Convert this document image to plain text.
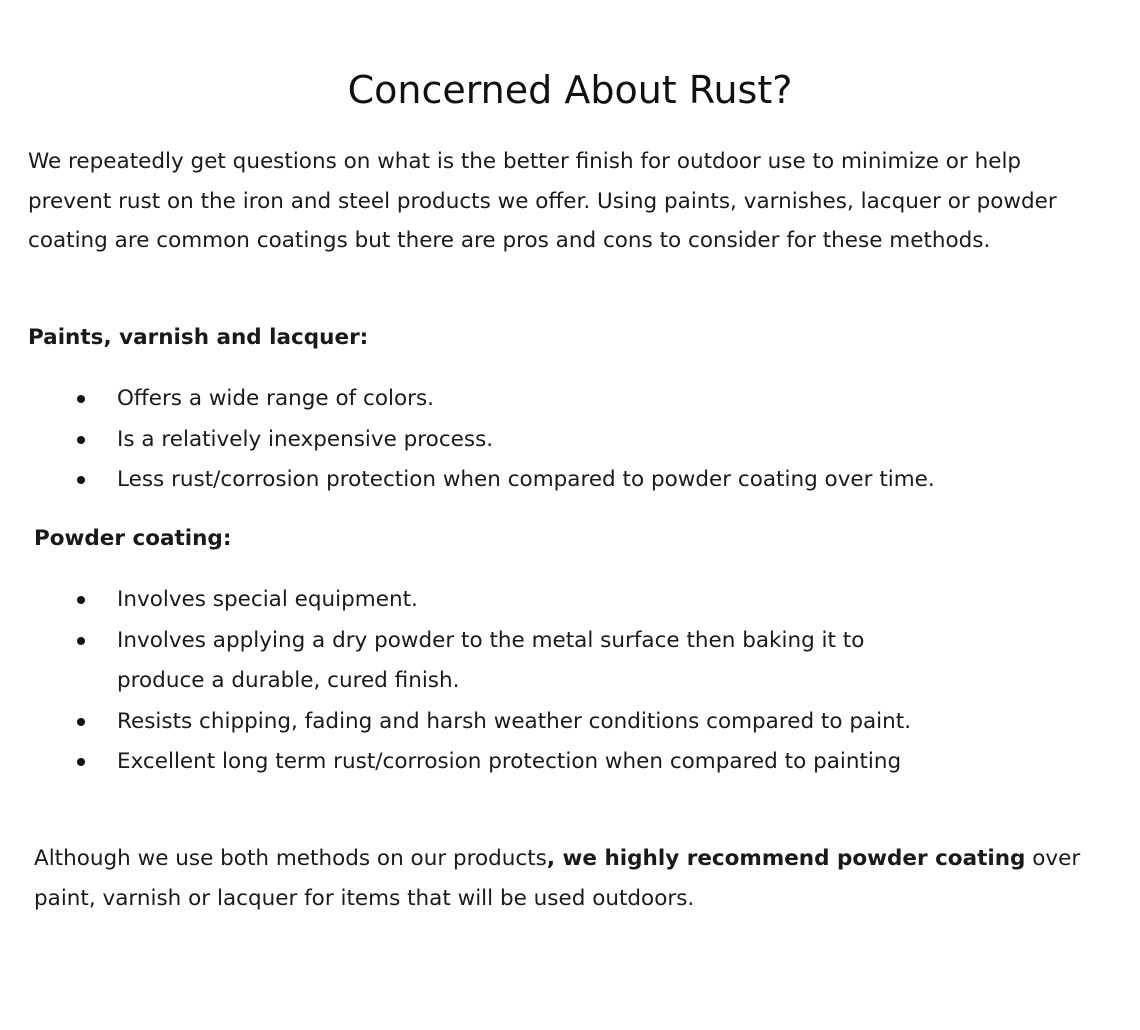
Concerned About Rust?

We repeatedly get questions on what is the better finish for outdoor use to minimize or help prevent rust on the iron and steel products we offer. Using paints, varnishes, lacquer or powder coating are common coatings but there are pros and cons to consider for these methods.

Paints, varnish and lacquer:

Offers a wide range of colors.
Is a relatively inexpensive process.
Less rust/corrosion protection when compared to powder coating over time.

Powder coating:

Involves special equipment.
Involves applying a dry powder to the metal surface then baking it to produce a durable, cured finish.
Resists chipping, fading and harsh weather conditions compared to paint.
Excellent long term rust/corrosion protection when compared to painting

Although we use both methods on our products, we highly recommend powder coating over paint, varnish or lacquer for items that will be used outdoors.
